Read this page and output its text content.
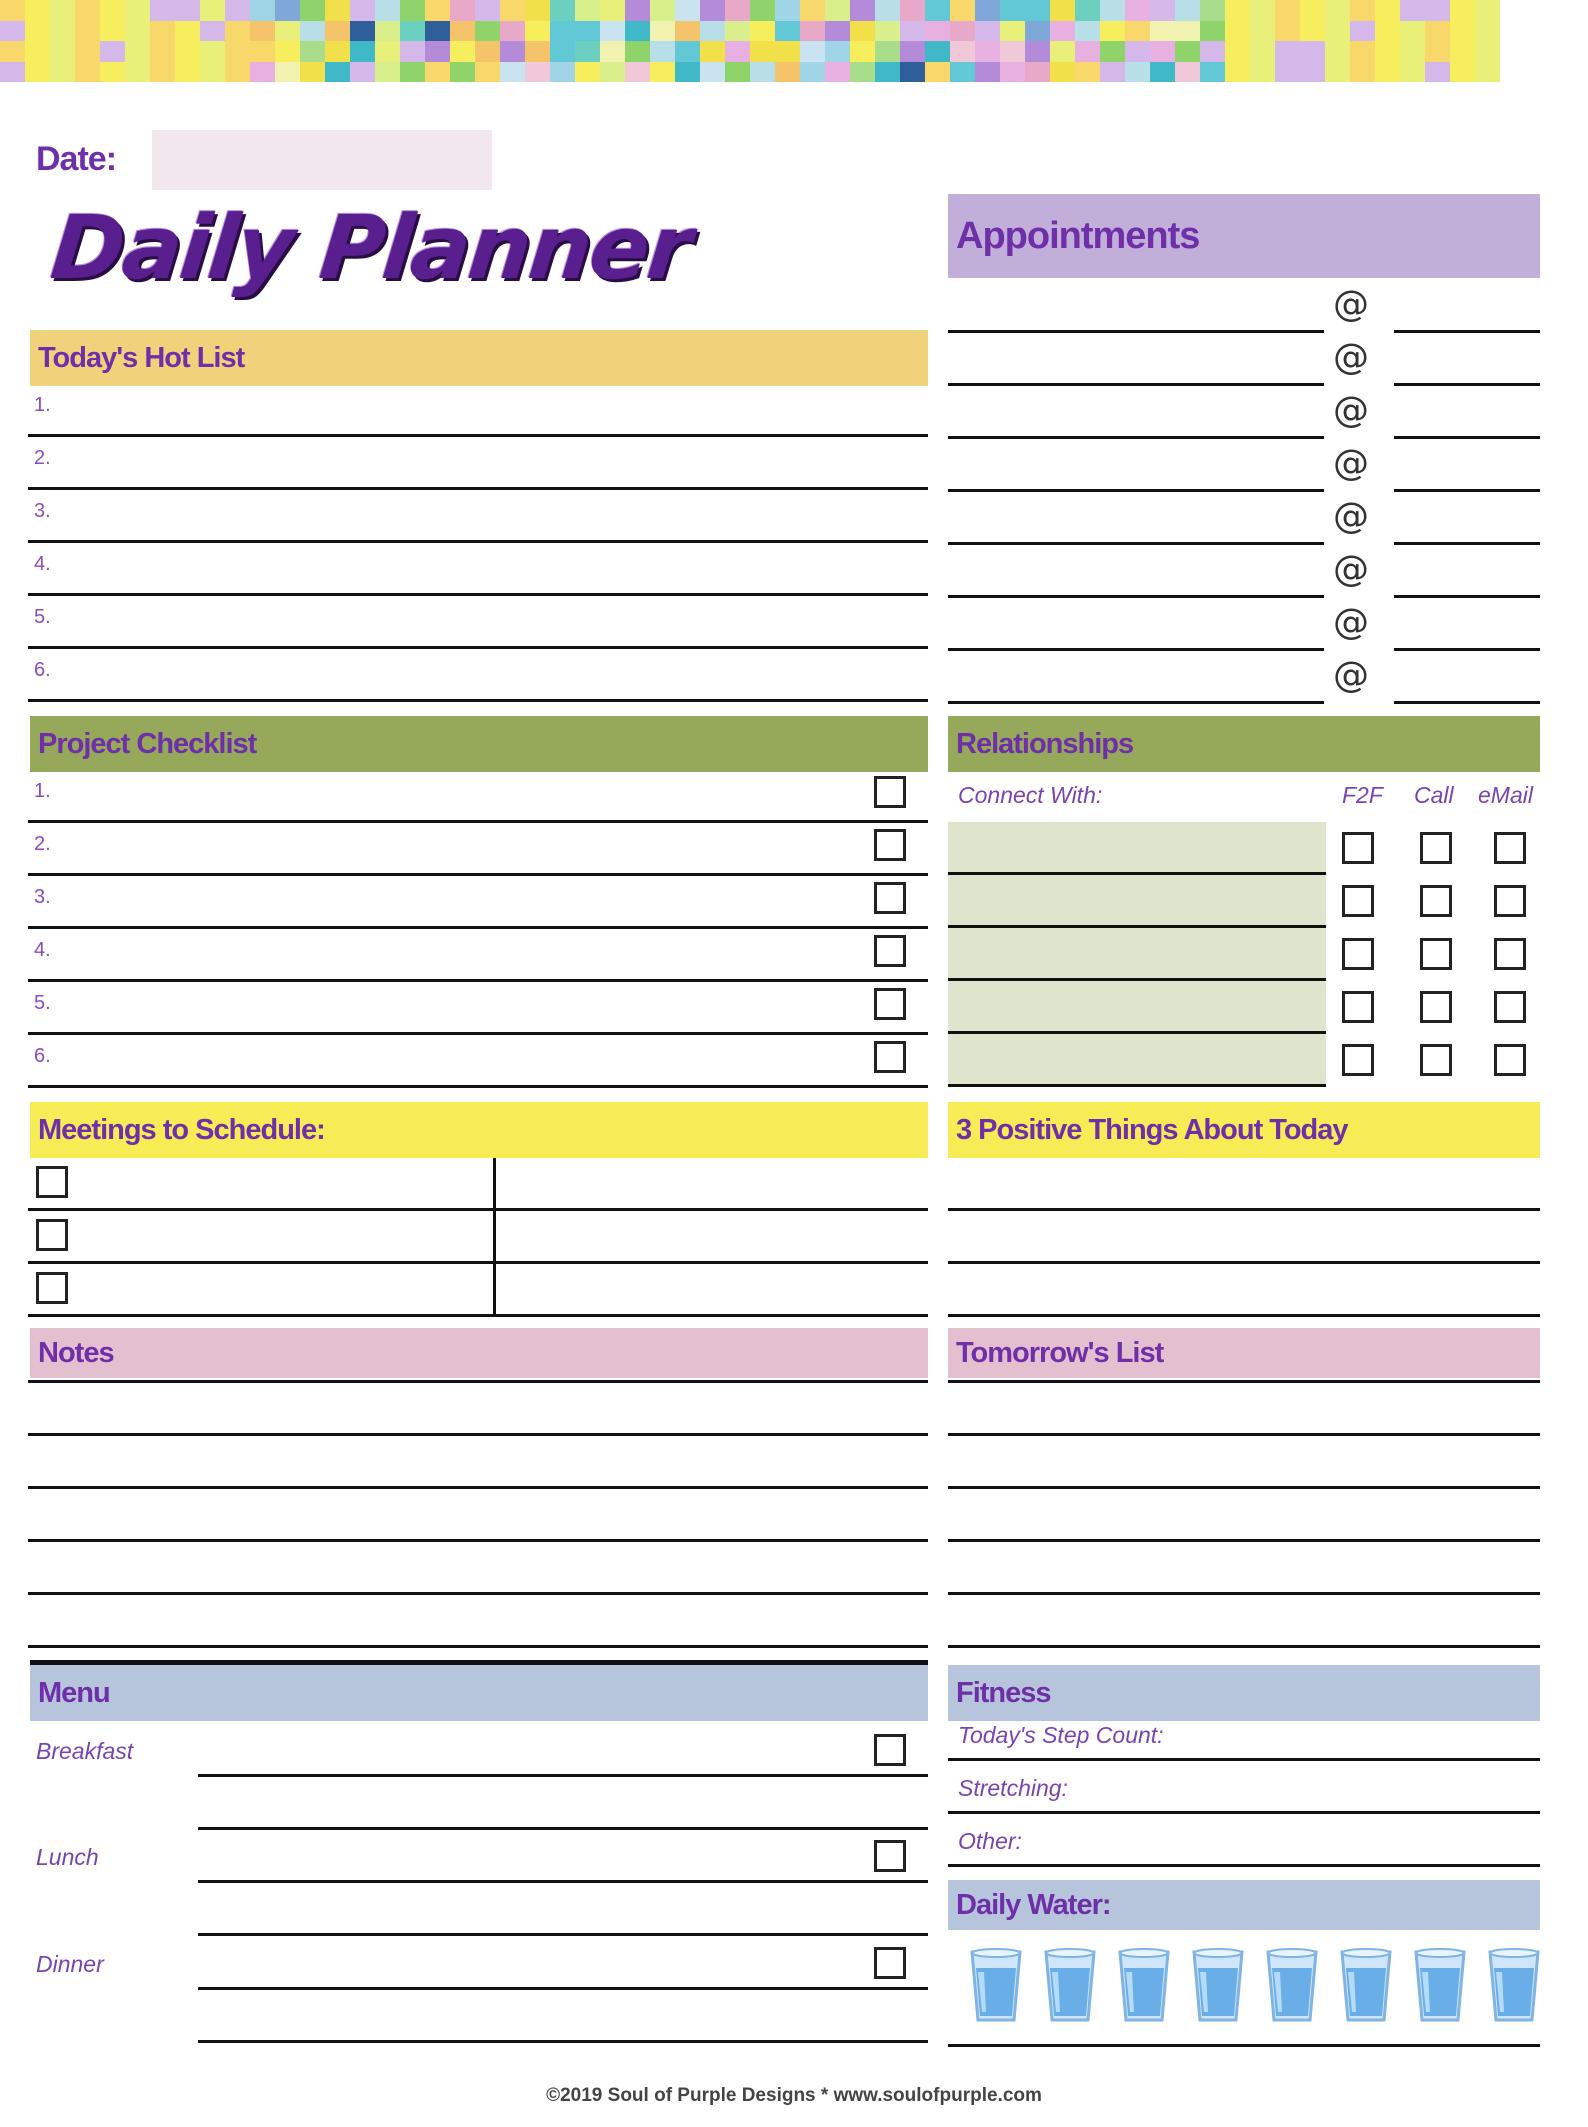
Date:
Daily Planner	Appointments
@
@
@
@
@
@
@
@
Today's Hot List
1.
2.
3.
4.
5.
6.
Project Checklist
1.
2.
3.
4.
5.
6.
Relationships
Connect With:	F2F Call eMail
Meetings to Schedule:	3 Positive Things About Today
Notes	Tomorrow's List
Menu
Breakfast
Lunch
Dinner
Fitness
Today's Step Count:
Stretching:
Other:
Daily Water:
©2019 Soul of Purple Designs * www.soulofpurple.com
